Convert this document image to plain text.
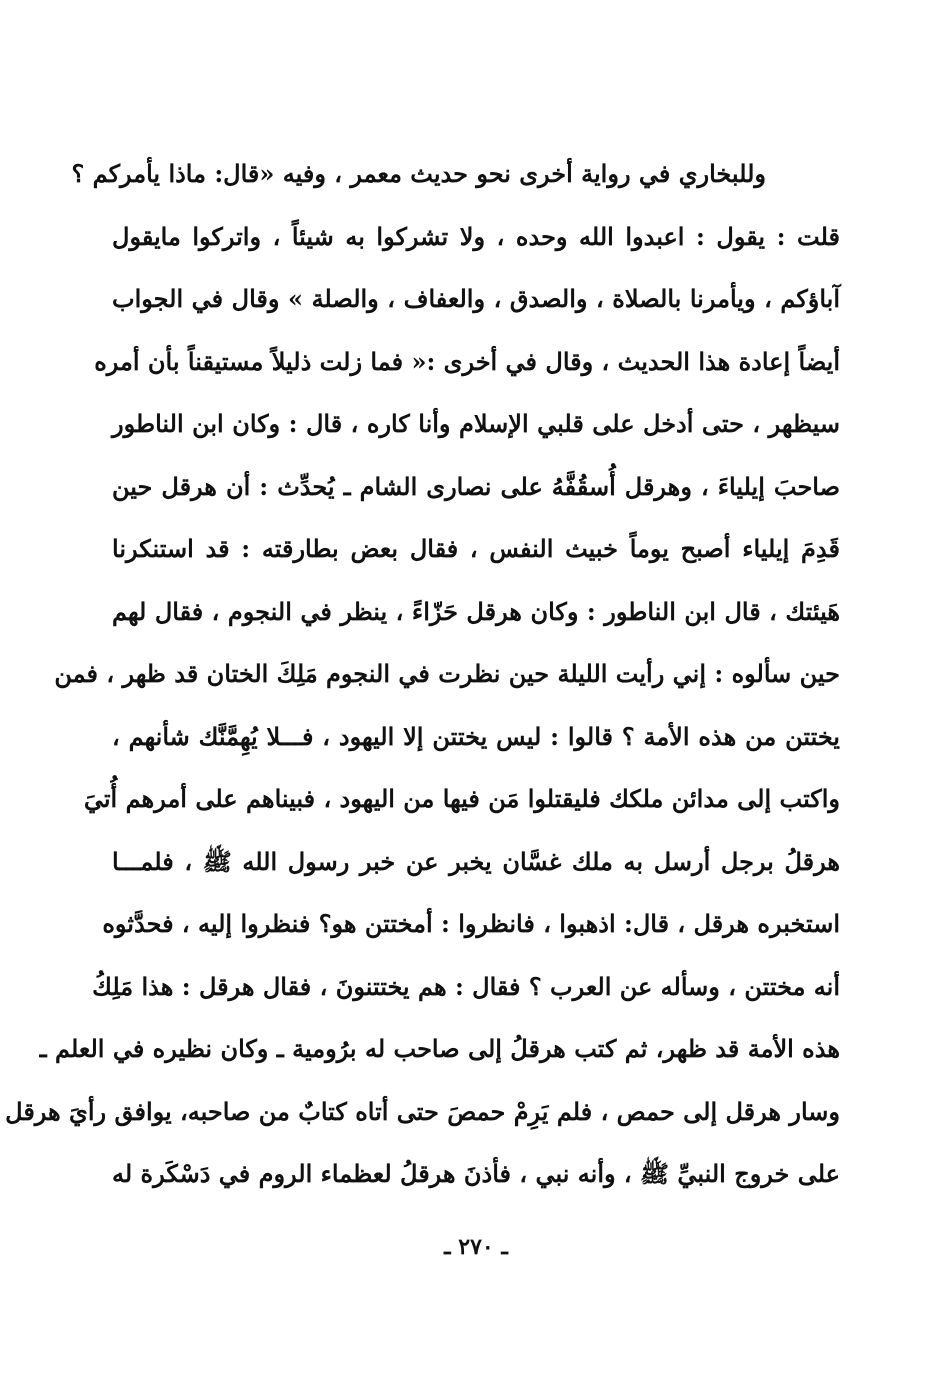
وللبخاري في رواية أخرى نحو حديث معمر ، وفيه «قال: ماذا يأمركم ؟
قلت : يقول : اعبدوا الله وحده ، ولا تشركوا به شيئاً ، واتركوا مايقول
آباؤكم ، ويأمرنا بالصلاة ، والصدق ، والعفاف ، والصلة » وقال في الجواب
أيضاً إعادة هذا الحديث ، وقال في أخرى :« فما زلت ذليلاً مستيقناً بأن أمره
سيظهر ، حتى أدخل على قلبي الإسلام وأنا كاره ، قال : وكان ابن الناطور
صاحبَ إيلياءَ ، وهرقل أُسقُفَّهُ على نصارى الشام ـ يُحدِّث : أن هرقل حين
قَدِمَ إيلياء أصبح يوماً خبيث النفس ، فقال بعض بطارقته : قد استنكرنا
هَيئتك ، قال ابن الناطور : وكان هرقل حَزّاءً ، ينظر في النجوم ، فقال لهم
حين سألوه : إني رأيت الليلة حين نظرت في النجوم مَلِكَ الختان قد ظهر ، فمن
يختتن من هذه الأمة ؟ قالوا : ليس يختتن إلا اليهود ، فـــلا يُهِمَّنَّك شأنهم ،
واكتب إلى مدائن ملكك فليقتلوا مَن فيها من اليهود ، فبيناهم على أمرهم أُتيَ
هرقلُ برجل أرسل به ملك غسَّان يخبر عن خبر رسول الله ﷺ ، فلمـــا
استخبره هرقل ، قال: اذهبوا ، فانظروا : أمختتن هو؟ فنظروا إليه ، فحدَّثوه
أنه مختتن ، وسأله عن العرب ؟ فقال : هم يختتنونَ ، فقال هرقل : هذا مَلِكُ
هذه الأمة قد ظهر، ثم كتب هرقلُ إلى صاحب له برُومية ـ وكان نظيره في العلم ـ
وسار هرقل إلى حمص ، فلم يَرِمْ حمصَ حتى أتاه كتابٌ من صاحبه، يوافق رأيَ هرقل
على خروج النبيِّ ﷺ ، وأنه نبي ، فأذنَ هرقلُ لعظماء الروم في دَسْكَرة له
ـ ٢٧٠ ـ
